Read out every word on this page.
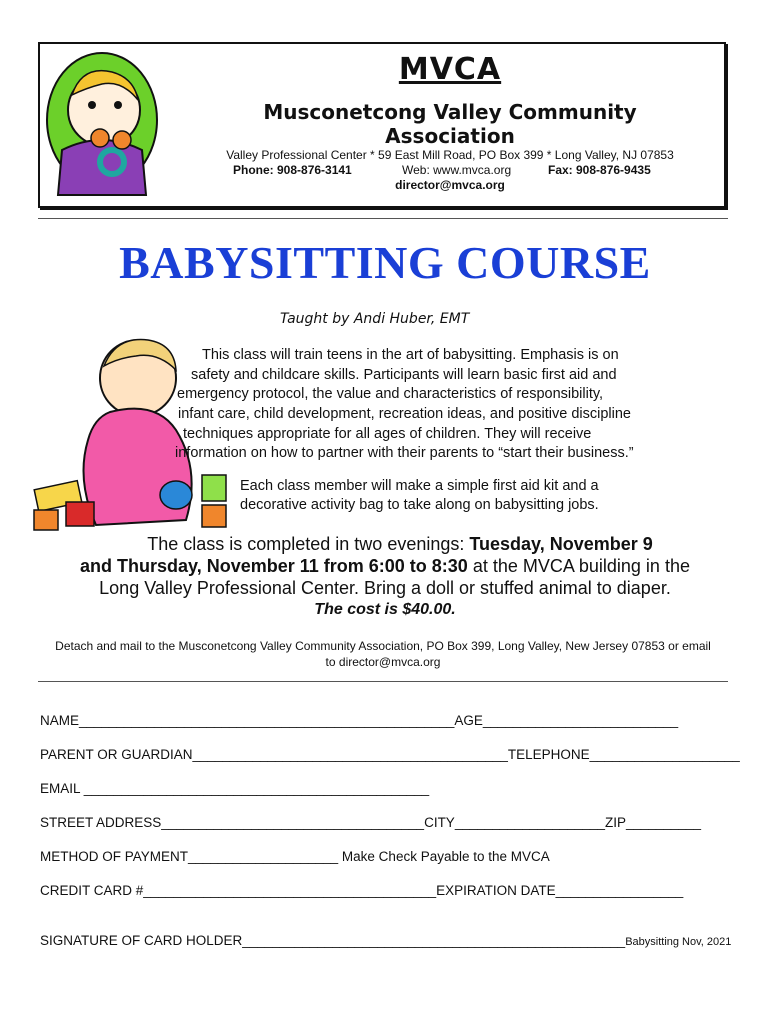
MVCA
Musconetcong Valley Community Association
Valley Professional Center * 59 East Mill Road, PO Box 399 * Long Valley, NJ 07853
Phone: 908-876-3141	Web: www.mvca.org	Fax: 908-876-9435
director@mvca.org
BABYSITTING COURSE
Taught by Andi Huber, EMT
This class will train teens in the art of babysitting. Emphasis is on
safety and childcare skills. Participants will learn basic first aid and
emergency protocol, the value and characteristics of responsibility,
infant care, child development, recreation ideas, and positive discipline
techniques appropriate for all ages of children. They will receive
information on how to partner with their parents to “start their business.”
Each class member will make a simple first aid kit and a
decorative activity bag to take along on babysitting jobs.
The class is completed in two evenings: Tuesday, November 9
and Thursday, November 11 from 6:00 to 8:30 at the MVCA building in the
Long Valley Professional Center. Bring a doll or stuffed animal to diaper.
The cost is $40.00.
Detach and mail to the Musconetcong Valley Community Association, PO Box 399, Long Valley, New Jersey 07853 or email
to director@mvca.org
NAME__________________________________________________AGE__________________________
PARENT OR GUARDIAN__________________________________________TELEPHONE____________________
EMAIL ______________________________________________
STREET ADDRESS___________________________________CITY____________________ZIP__________
METHOD OF PAYMENT____________________ Make Check Payable to the MVCA
CREDIT CARD #_______________________________________EXPIRATION DATE_________________
SIGNATURE OF CARD HOLDER___________________________________________________Babysitting Nov, 2021
